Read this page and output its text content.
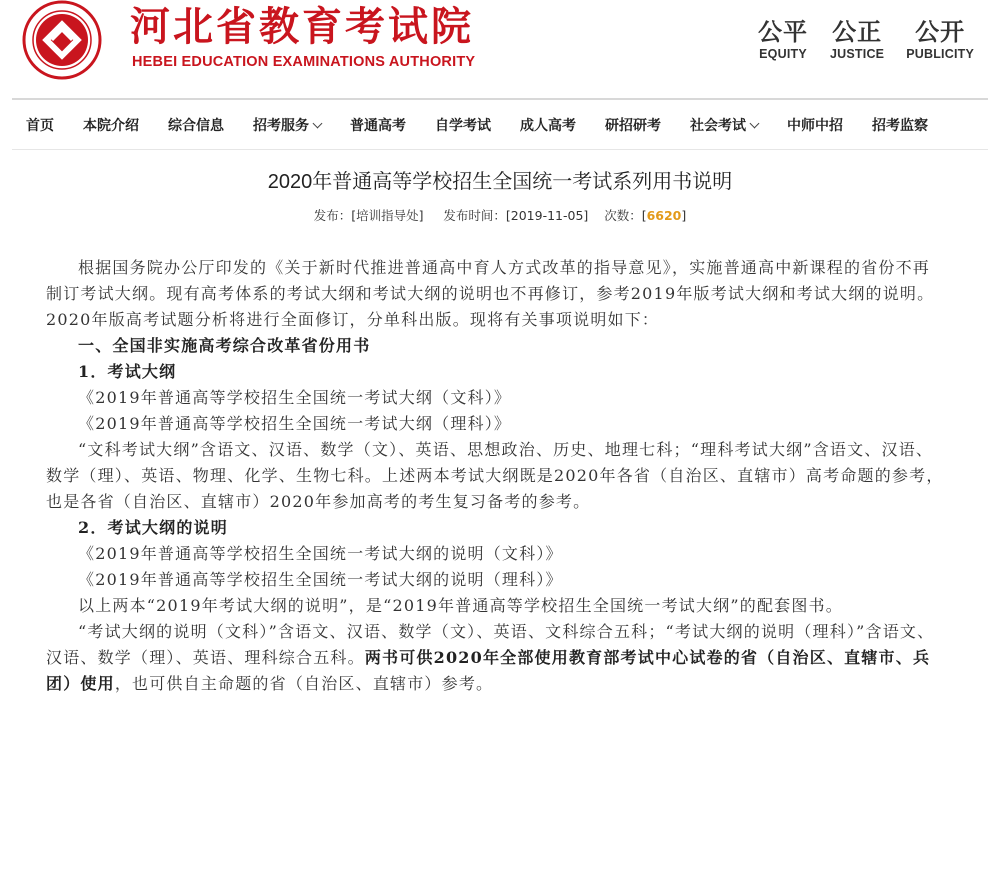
河北省教育考试院
HEBEI EDUCATION EXAMINATIONS AUTHORITY
公平
EQUITY
公正
JUSTICE
公开
PUBLICITY
首页 本院介绍 综合信息 招考服务	普通高考 自学考试 成人高考 研招研考 社会考试	中师中招 招考监察
2020年普通高等学校招生全国统一考试系列用书说明
发布：[培训指导处] 发布时间：[2019-11-05] 次数：[6620]

根据国务院办公厅印发的《关于新时代推进普通高中育人方式改革的指导意见》，实施普通高中新课程的省份不再制订考试大纲。现有高考体系的考试大纲和考试大纲的说明也不再修订，参考2019年版考试大纲和考试大纲的说明。2020年版高考试题分析将进行全面修订，分单科出版。现将有关事项说明如下：

一、全国非实施高考综合改革省份用书

1．考试大纲

《2019年普通高等学校招生全国统一考试大纲（文科）》

《2019年普通高等学校招生全国统一考试大纲（理科）》

“文科考试大纲”含语文、汉语、数学（文）、英语、思想政治、历史、地理七科；“理科考试大纲”含语文、汉语、数学（理）、英语、物理、化学、生物七科。上述两本考试大纲既是2020年各省（自治区、直辖市）高考命题的参考，也是各省（自治区、直辖市）2020年参加高考的考生复习备考的参考。

2．考试大纲的说明

《2019年普通高等学校招生全国统一考试大纲的说明（文科）》

《2019年普通高等学校招生全国统一考试大纲的说明（理科）》

以上两本“2019年考试大纲的说明”，是“2019年普通高等学校招生全国统一考试大纲”的配套图书。

“考试大纲的说明（文科）”含语文、汉语、数学（文）、英语、文科综合五科；“考试大纲的说明（理科）”含语文、汉语、数学（理）、英语、理科综合五科。两书可供2020年全部使用教育部考试中心试卷的省（自治区、直辖市、兵团）使用，也可供自主命题的省（自治区、直辖市）参考。
